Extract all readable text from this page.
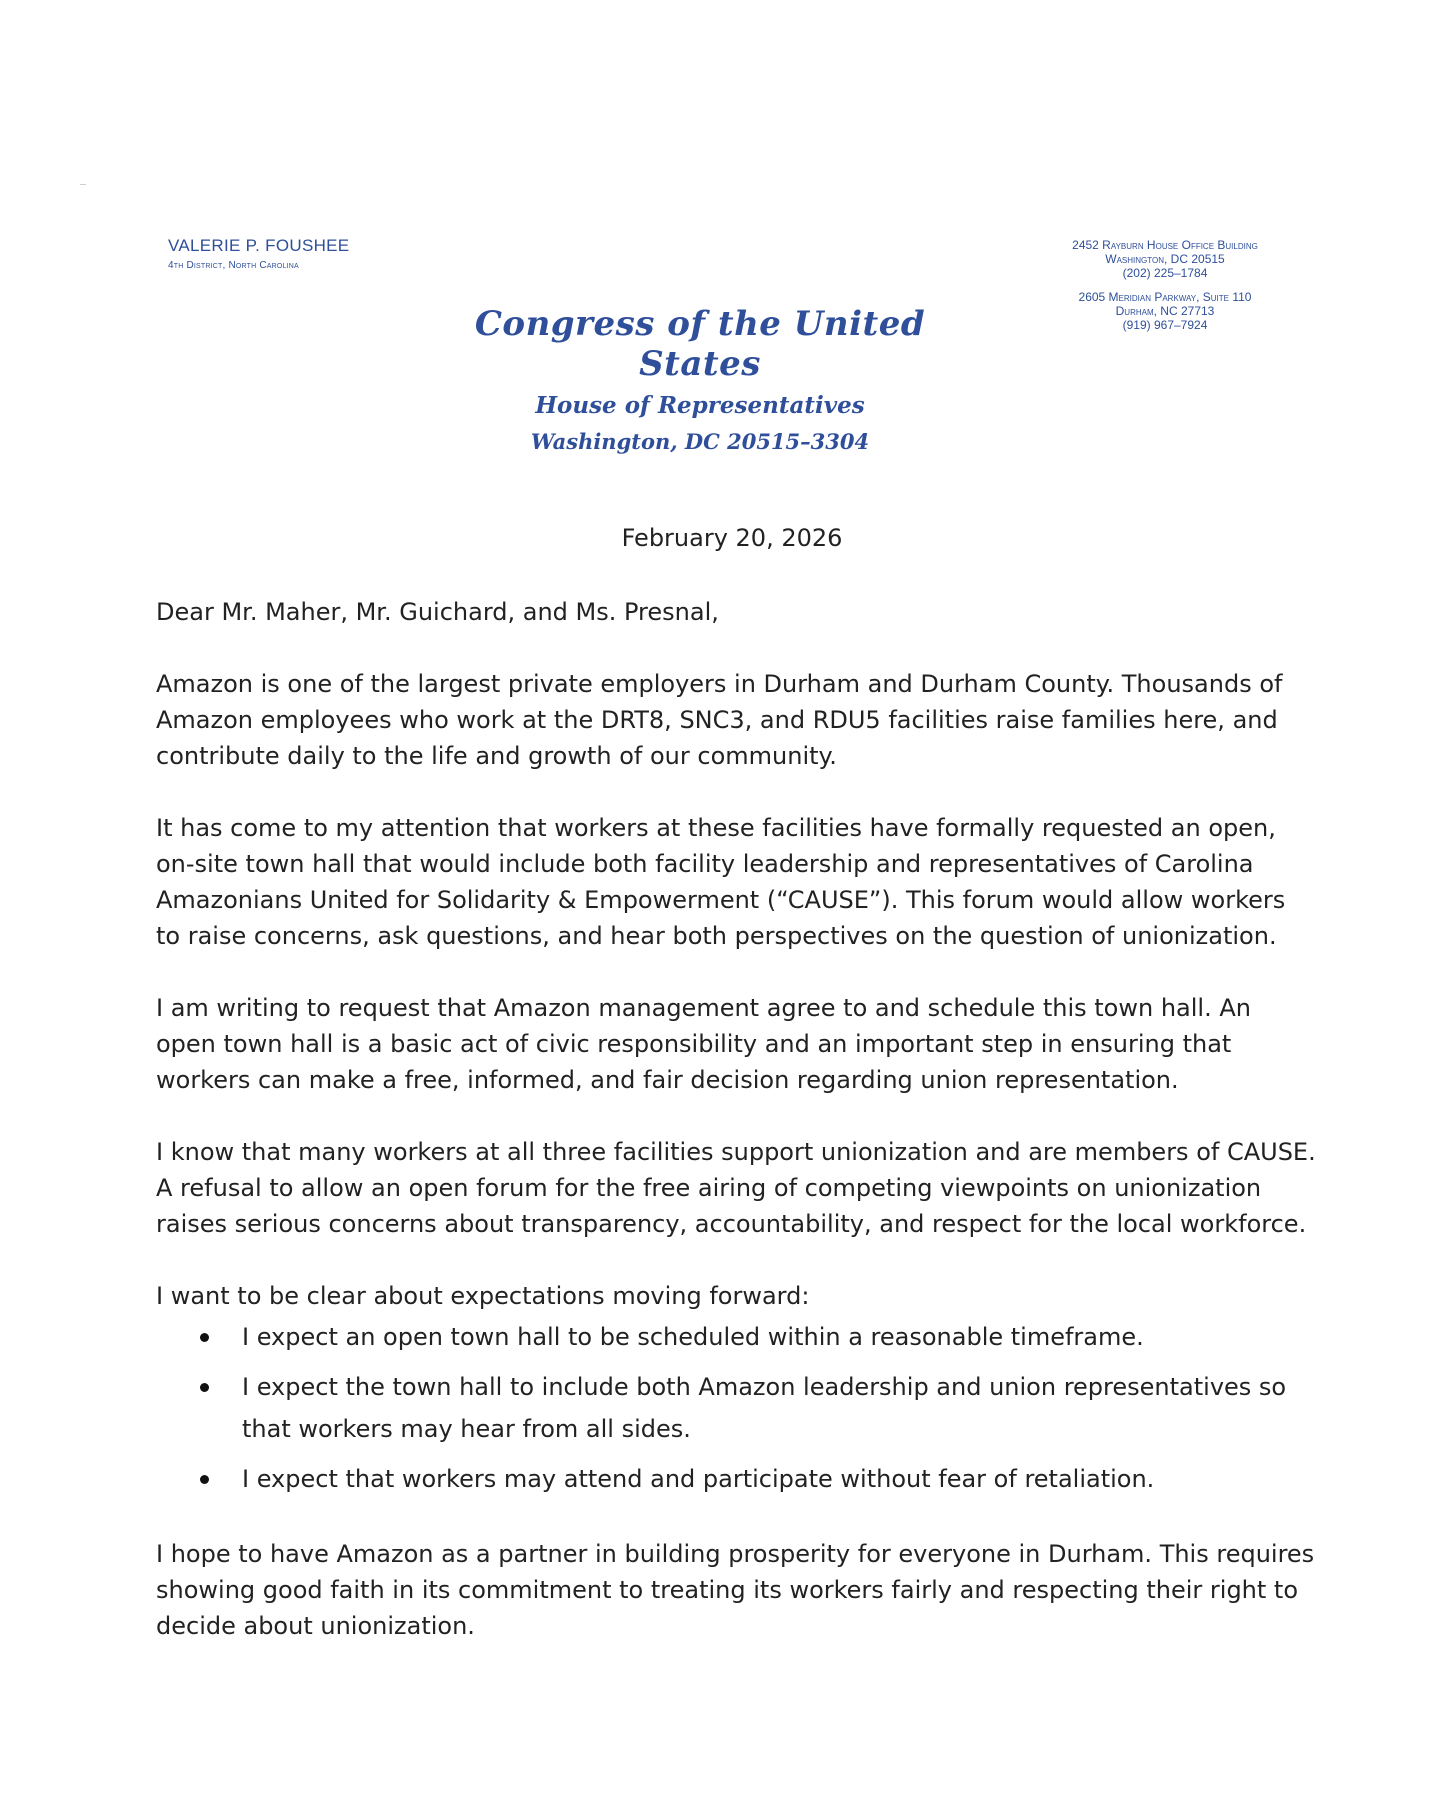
VALERIE P. FOUSHEE
4th District, North Carolina
2452 Rayburn House Office Building
Washington, DC 20515
(202) 225–1784
2605 Meridian Parkway, Suite 110
Durham, NC 27713
(919) 967–7924
Congress of the United States
House of Representatives
Washington, DC 20515–3304
February 20, 2026

Dear Mr. Maher, Mr. Guichard, and Ms. Presnal,

Amazon is one of the largest private employers in Durham and Durham County. Thousands of Amazon employees who work at the DRT8, SNC3, and RDU5 facilities raise families here, and contribute daily to the life and growth of our community.

It has come to my attention that workers at these facilities have formally requested an open, on-site town hall that would include both facility leadership and representatives of Carolina Amazonians United for Solidarity & Empowerment (“CAUSE”). This forum would allow workers to raise concerns, ask questions, and hear both perspectives on the question of unionization.

I am writing to request that Amazon management agree to and schedule this town hall. An open town hall is a basic act of civic responsibility and an important step in ensuring that workers can make a free, informed, and fair decision regarding union representation.

I know that many workers at all three facilities support unionization and are members of CAUSE. A refusal to allow an open forum for the free airing of competing viewpoints on unionization raises serious concerns about transparency, accountability, and respect for the local workforce.

I want to be clear about expectations moving forward:

I expect an open town hall to be scheduled within a reasonable timeframe.
I expect the town hall to include both Amazon leadership and union representatives so that workers may hear from all sides.
I expect that workers may attend and participate without fear of retaliation.

I hope to have Amazon as a partner in building prosperity for everyone in Durham. This requires showing good faith in its commitment to treating its workers fairly and respecting their right to decide about unionization.
